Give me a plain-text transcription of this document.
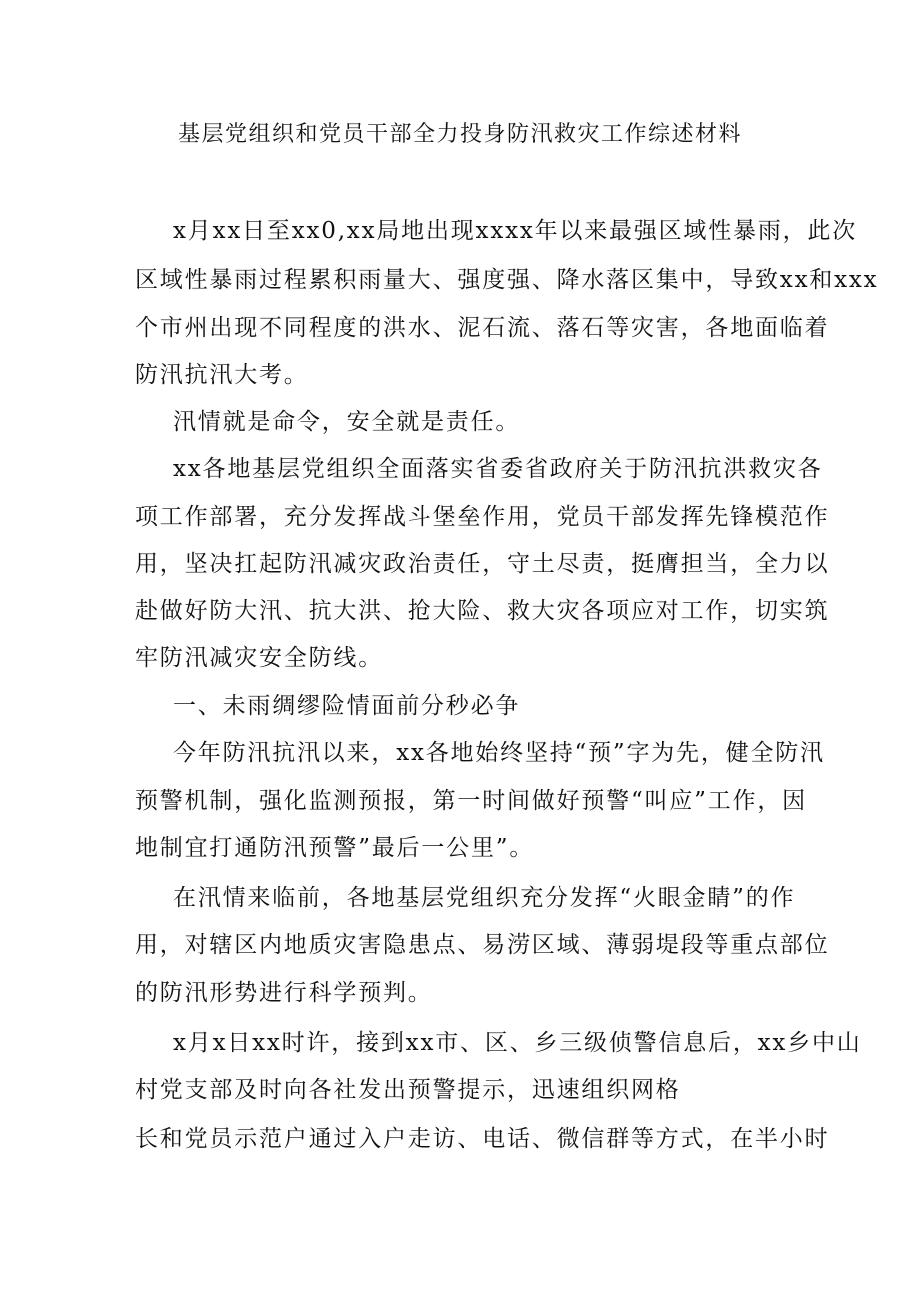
基层党组织和党员干部全力投身防汛救灾工作综述材料
x月xx日至xx0,xx局地出现xxxx年以来最强区域性暴雨，此次
区域性暴雨过程累积雨量大、强度强、降水落区集中，导致xx和xxx
个市州出现不同程度的洪水、泥石流、落石等灾害，各地面临着
防汛抗汛大考。
汛情就是命令，安全就是责任。
xx各地基层党组织全面落实省委省政府关于防汛抗洪救灾各
项工作部署，充分发挥战斗堡垒作用，党员干部发挥先锋模范作
用，坚决扛起防汛减灾政治责任，守土尽责，挺膺担当，全力以
赴做好防大汛、抗大洪、抢大险、救大灾各项应对工作，切实筑
牢防汛减灾安全防线。
一、未雨绸缪险情面前分秒必争
今年防汛抗汛以来，xx各地始终坚持“预”字为先，健全防汛
预警机制，强化监测预报，第一时间做好预警“叫应”工作，因
地制宜打通防汛预警”最后一公里”。
在汛情来临前，各地基层党组织充分发挥“火眼金睛”的作
用，对辖区内地质灾害隐患点、易涝区域、薄弱堤段等重点部位
的防汛形势进行科学预判。
x月x日xx时许，接到xx市、区、乡三级侦警信息后，xx乡中山
村党支部及时向各社发出预警提示，迅速组织网格
长和党员示范户通过入户走访、电话、微信群等方式，在半小时
